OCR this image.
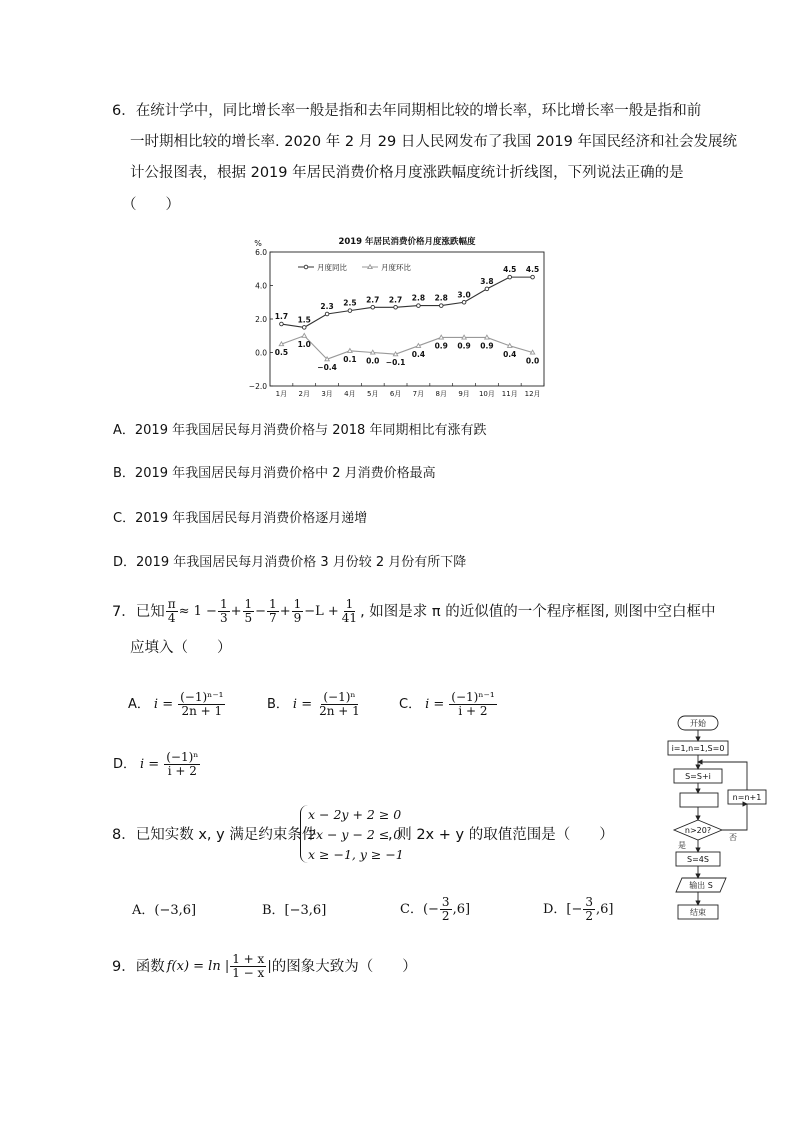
6．在统计学中，同比增长率一般是指和去年同期相比较的增长率，环比增长率一般是指和前
一时期相比较的增长率. 2020 年 2 月 29 日人民网发布了我国 2019 年国民经济和社会发展统
计公报图表，根据 2019 年居民消费价格月度涨跌幅度统计折线图，下列说法正确的是
（　　）
2019 年居民消费价格月度涨跌幅度
%
6.0
4.0
2.0
0.0
−2.0
1月 2月 3月 4月 5月 6月 7月 8月 9月 10月 11月 12月
1.7 1.5
2.3 2.5 2.7 2.7 2.8 2.8 3.0
3.8
4.5 4.5
0.5
1.0
−0.4
0.1 0.0 −0.1
0.4
0.9 0.9 0.9
0.4
0.0
月度同比	月度环比
A．2019 年我国居民每月消费价格与 2018 年同期相比有涨有跌
B．2019 年我国居民每月消费价格中 2 月消费价格最高
C．2019 年我国居民每月消费价格逐月递增
D．2019 年我国居民每月消费价格 3 月份较 2 月份有所下降
7．已知 $\frac{\pi}{4} \approx 1 - \frac{1}{3} + \frac{1}{5} - \frac{1}{7} + \frac{1}{9} -L + \frac{1}{41}$ , 如图是求 π 的近似值的一个程序框图, 则图中空白框中
应填入（　　）
A． $i = \frac{\text{(−1)ⁿ⁻¹}}{2n + 1}$	B． $i = \frac{\text{(−1)ⁿ}}{2n + 1}$	C． $i = \frac{\text{(−1)ⁿ⁻¹}}{i + 2}$
D． $i = \frac{\text{(−1)ⁿ}}{i + 2}$
开始
i=1,n=1,S=0
S=S+i
n=n+1
n>20?
是
否
S=4S
输出 S
结束
8．已知实数 x, y 满足约束条件
x − 2y + 2 ≥ 0
2x − y − 2 ≤ 0
x ≥ −1, y ≥ −1
, 则 2x + y 的取值范围是（　　）
A．(−3,6]	B．[−3,6]	C．(− $\frac{3}{2} ,6$]	D．[− $\frac{3}{2} ,6$]
9．函数 f(x) = ln | $\frac{1 + x}{1 - x}$ | 的图象大致为（　　）
